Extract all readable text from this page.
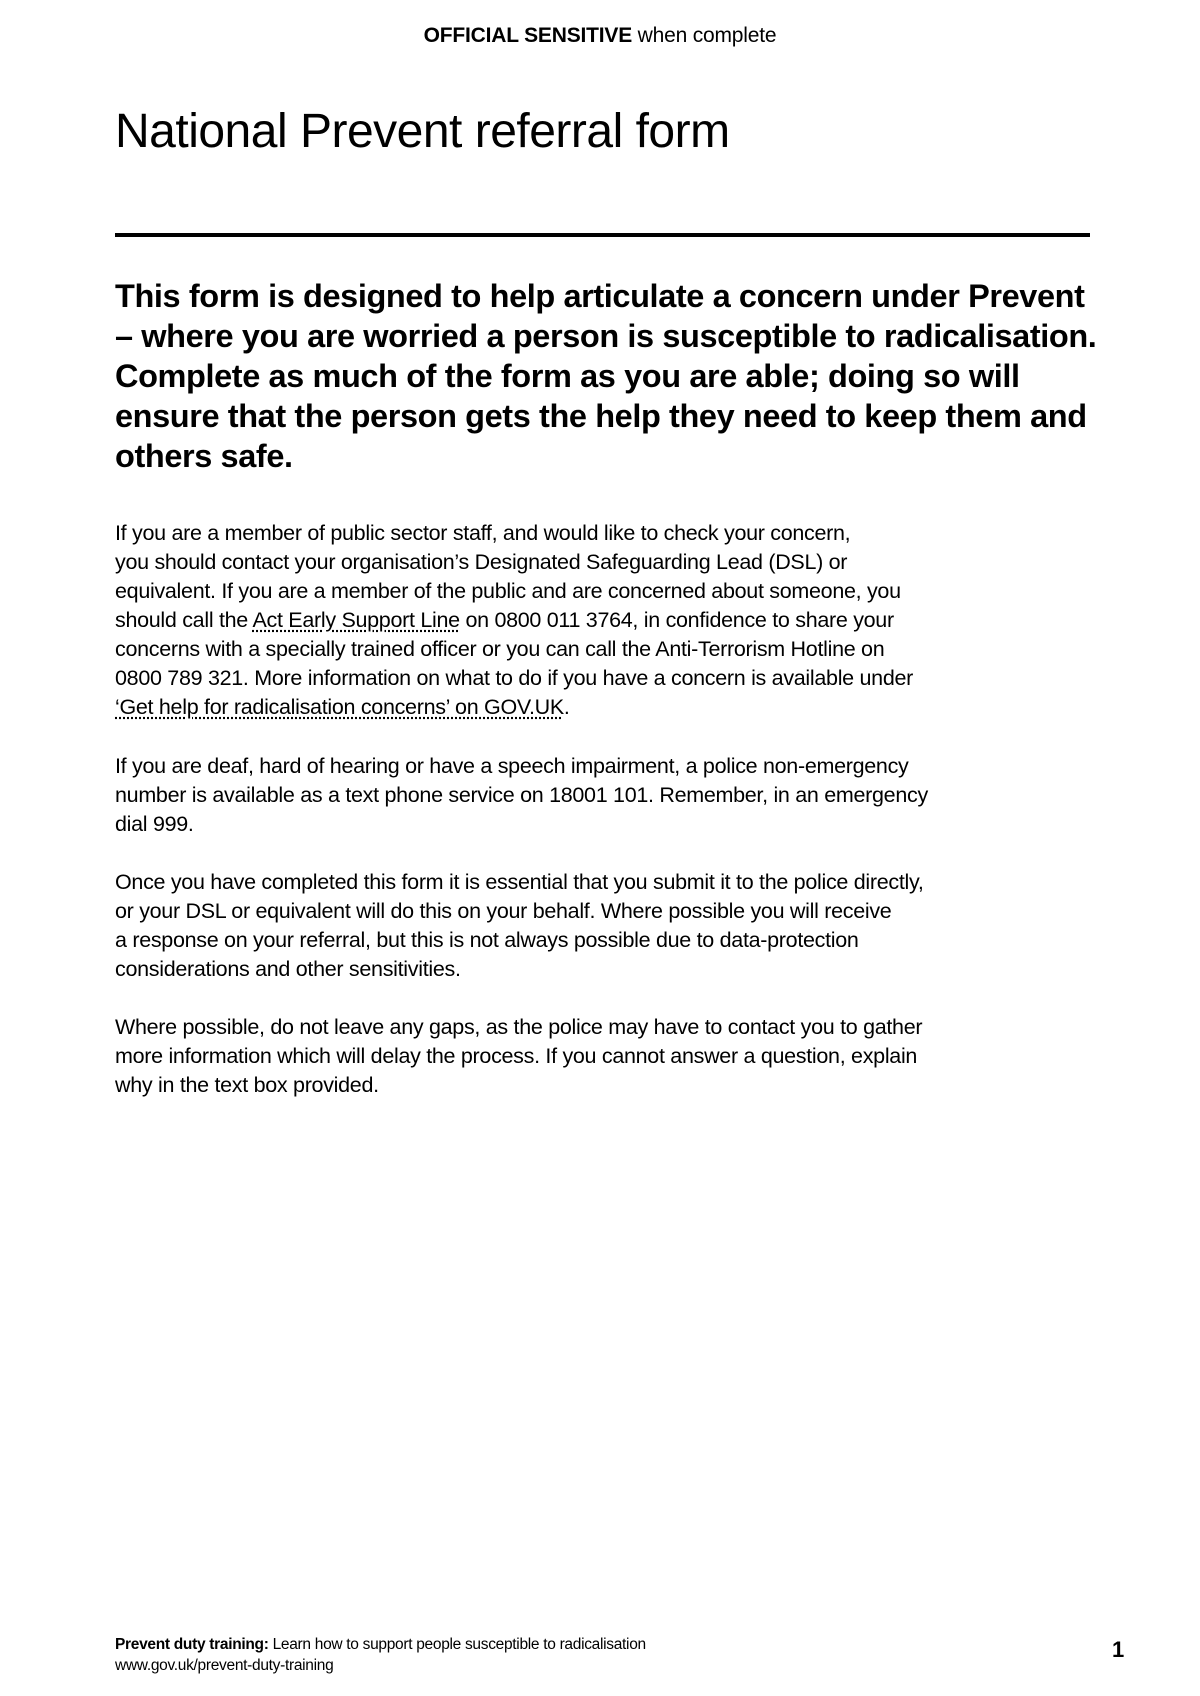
OFFICIAL SENSITIVE when complete
National Prevent referral form

This form is designed to help articulate a concern under Prevent – where you are worried a person is susceptible to radicalisation. Complete as much of the form as you are able; doing so will ensure that the person gets the help they need to keep them and others safe.

If you are a member of public sector staff, and would like to check your concern,
you should contact your organisation’s Designated Safeguarding Lead (DSL) or
equivalent. If you are a member of the public and are concerned about someone, you
should call the Act Early Support Line on 0800 011 3764, in confidence to share your
concerns with a specially trained officer or you can call the Anti-Terrorism Hotline on
0800 789 321. More information on what to do if you have a concern is available under
‘Get help for radicalisation concerns’ on GOV.UK.

If you are deaf, hard of hearing or have a speech impairment, a police non-emergency
number is available as a text phone service on 18001 101. Remember, in an emergency
dial 999.

Once you have completed this form it is essential that you submit it to the police directly,
or your DSL or equivalent will do this on your behalf. Where possible you will receive
a response on your referral, but this is not always possible due to data-protection
considerations and other sensitivities.

Where possible, do not leave any gaps, as the police may have to contact you to gather
more information which will delay the process. If you cannot answer a question, explain
why in the text box provided.

Prevent duty training: Learn how to support people susceptible to radicalisation
www.gov.uk/prevent-duty-training
1
